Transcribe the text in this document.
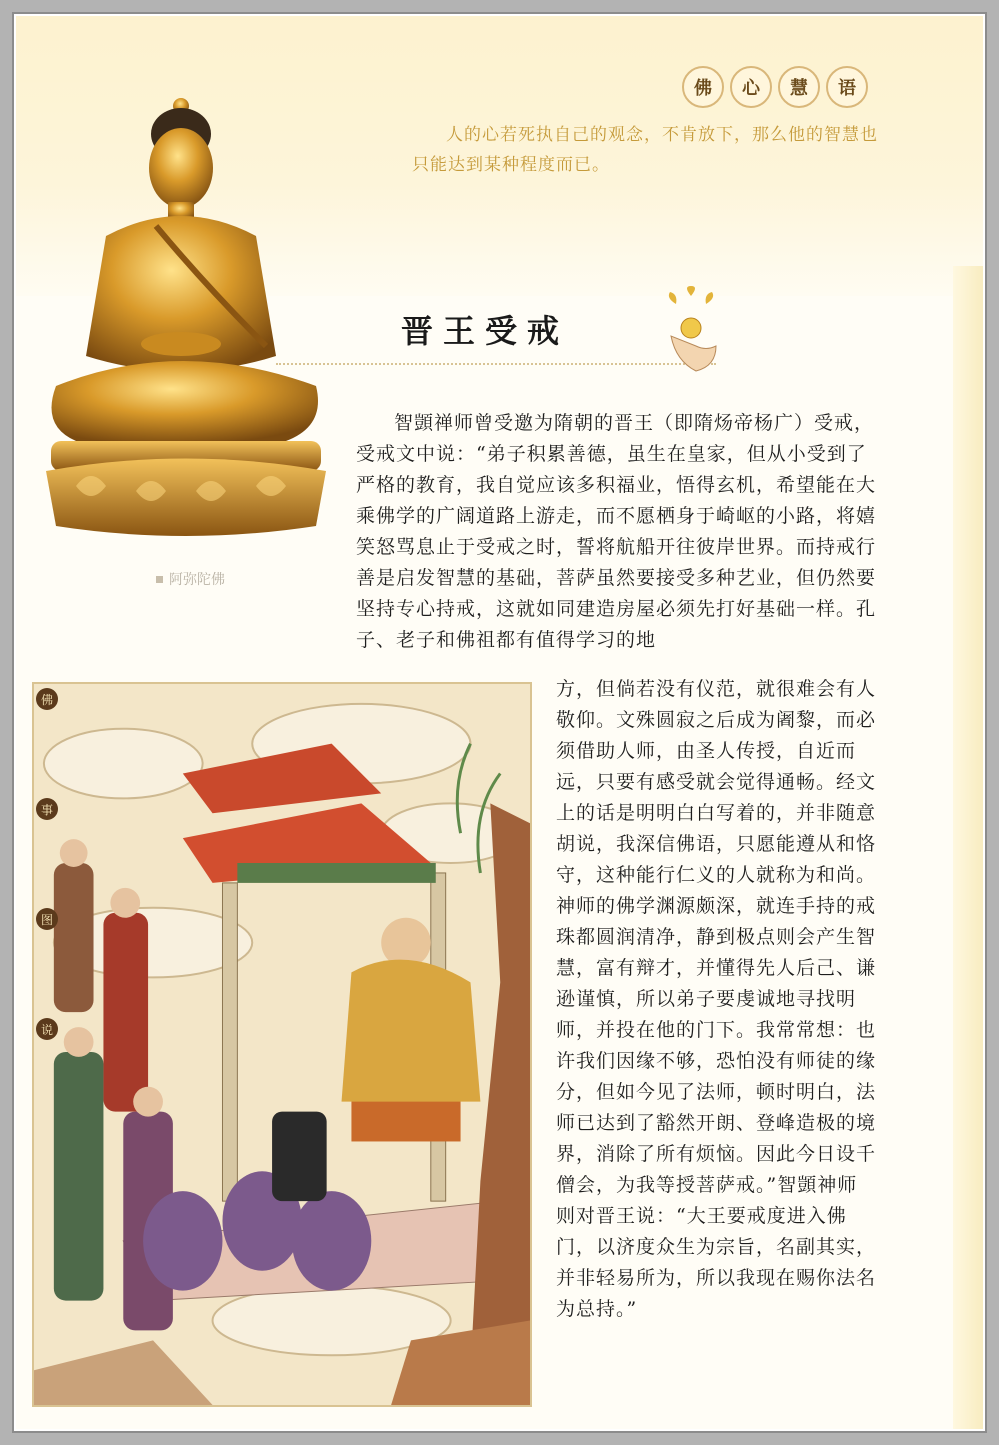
佛	心	慧	语

人的心若死执自己的观念，不肯放下，那么他的智慧也只能达到某种程度而已。

阿弥陀佛
晋王受戒

智顗禅师曾受邀为隋朝的晋王（即隋炀帝杨广）受戒，受戒文中说：“弟子积累善德，虽生在皇家，但从小受到了严格的教育，我自觉应该多积福业，悟得玄机，希望能在大乘佛学的广阔道路上游走，而不愿栖身于崎岖的小路，将嬉笑怒骂息止于受戒之时，誓将航船开往彼岸世界。而持戒行善是启发智慧的基础，菩萨虽然要接受多种艺业，但仍然要坚持专心持戒，这就如同建造房屋必须先打好基础一样。孔子、老子和佛祖都有值得学习的地

佛
事
图
说

方，但倘若没有仪范，就很难会有人敬仰。文殊圆寂之后成为阇黎，而必须借助人师，由圣人传授，自近而远，只要有感受就会觉得通畅。经文上的话是明明白白写着的，并非随意胡说，我深信佛语，只愿能遵从和恪守，这种能行仁义的人就称为和尚。神师的佛学渊源颇深，就连手持的戒珠都圆润清净，静到极点则会产生智慧，富有辩才，并懂得先人后己、谦逊谨慎，所以弟子要虔诚地寻找明师，并投在他的门下。我常常想：也许我们因缘不够，恐怕没有师徒的缘分，但如今见了法师，顿时明白，法师已达到了豁然开朗、登峰造极的境界，消除了所有烦恼。因此今日设千僧会，为我等授菩萨戒。”智顗神师则对晋王说：“大王要戒度进入佛门，以济度众生为宗旨，名副其实，并非轻易所为，所以我现在赐你法名为总持。”
